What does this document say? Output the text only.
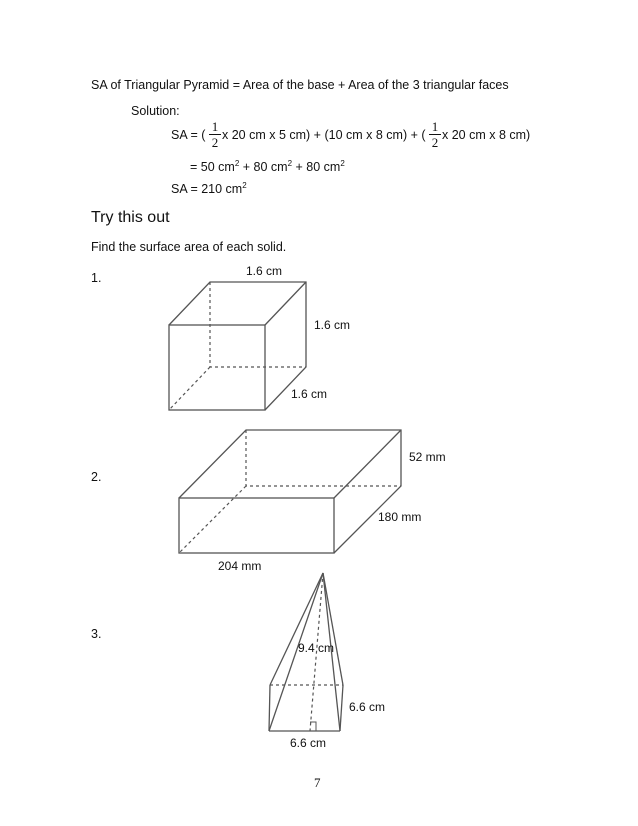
SA of Triangular Pyramid = Area of the base + Area of the 3 triangular faces
Solution:
SA = (
1
2 x 20 cm x 5 cm) + (10 cm x 8 cm) + (
1
2 x 20 cm x 8 cm)
= 50 $cm^2 + 80$ $cm^2 + 80$ $cm^2$
SA = 210 $cm^2$
Try this out
Find the surface area of each solid.
1.
2.
3.
1.6 cm
1.6 cm
1.6 cm
52 mm
180 mm
204 mm
9.4 cm
6.6 cm
6.6 cm
7
